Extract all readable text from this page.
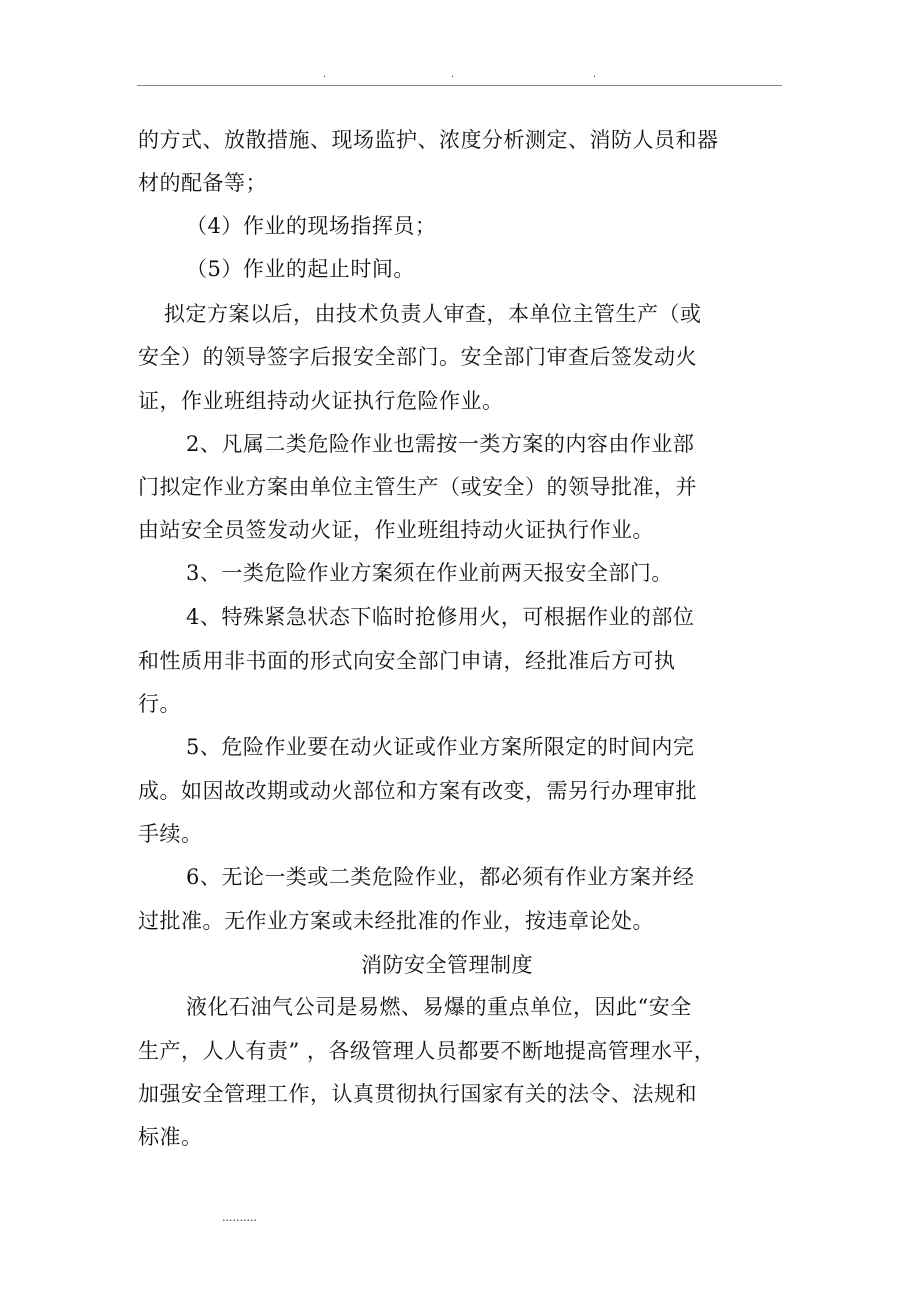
.	.	.
的方式、放散措施、现场监护、浓度分析测定、消防人员和器
材的配备等；
（4）作业的现场指挥员；
（5）作业的起止时间。
拟定方案以后，由技术负责人审查，本单位主管生产（或
安全）的领导签字后报安全部门。安全部门审查后签发动火
证，作业班组持动火证执行危险作业。
2、凡属二类危险作业也需按一类方案的内容由作业部
门拟定作业方案由单位主管生产（或安全）的领导批准，并
由站安全员签发动火证，作业班组持动火证执行作业。
3、一类危险作业方案须在作业前两天报安全部门。
4、特殊紧急状态下临时抢修用火，可根据作业的部位
和性质用非书面的形式向安全部门申请，经批准后方可执
行。
5、危险作业要在动火证或作业方案所限定的时间内完
成。如因故改期或动火部位和方案有改变，需另行办理审批
手续。
6、无论一类或二类危险作业，都必须有作业方案并经
过批准。无作业方案或未经批准的作业，按违章论处。
消防安全管理制度
液化石油气公司是易燃、易爆的重点单位，因此“安全
生产，人人有责” ，各级管理人员都要不断地提高管理水平，
加强安全管理工作，认真贯彻执行国家有关的法令、法规和
标准。
..........
